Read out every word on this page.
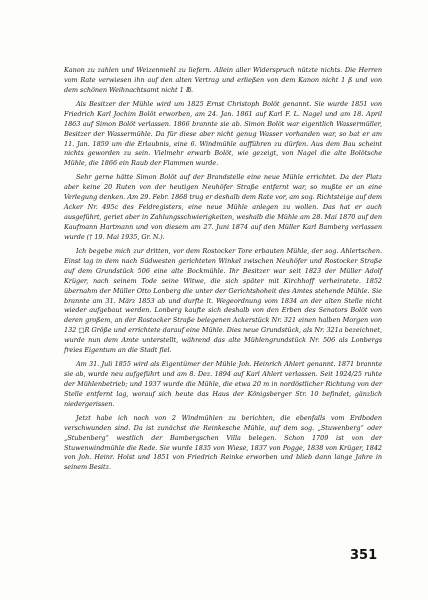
Kanon zu zahlen und Weizenmehl zu liefern. Allein aller Widerspruch nützte nichts. Die Herren vom Rate verwiesen ihn auf den alten Vertrag und erließen von dem Kanon nicht 1 ß und von dem schönen Weihnachtsamt nicht 1 ℔.

Als Besitzer der Mühle wird um 1825 Ernst Christoph Bolöt genannt. Sie wurde 1851 von Friedrich Karl Jochim Bolöt erworben, am 24. Jan. 1861 auf Karl F. L. Nagel und am 18. April 1863 auf Simon Bolöt verlassen. 1866 brannte sie ab. Simon Bolöt war eigentlich Wassermüller, Besitzer der Wassermühle. Da für diese aber nicht genug Wasser vorhanden war, so bat er am 11. Jan. 1859 um die Erlaubnis, eine 6. Windmühle aufführen zu dürfen. Aus dem Bau scheint nichts geworden zu sein. Vielmehr erwarb Bolöt, wie gezeigt, von Nagel die alte Bolötsche Mühle, die 1866 ein Raub der Flammen wurde.

Sehr gerne hätte Simon Bolöt auf der Brandstelle eine neue Mühle errichtet. Da der Platz aber keine 20 Ruten von der heutigen Neuhöfer Straße entfernt war, so mußte er an eine Verlegung denken. Am 29. Febr. 1868 trug er deshalb dem Rate vor, am sog. Richtsteige auf dem Acker Nr. 495c des Feldregisters, eine neue Mühle anlegen zu wollen. Das hat er auch ausgeführt, geriet aber in Zahlungsschwierigkeiten, weshalb die Mühle am 28. Mai 1870 auf den Kaufmann Hartmann und von diesem am 27. Juni 1874 auf den Müller Karl Bamberg verlassen wurde († 19. Mai 1935, Gr. N.).

Ich begebe mich zur dritten, vor dem Rostocker Tore erbauten Mühle, der sog. Ahlertschen. Einst lag in dem nach Südwesten gerichteten Winkel zwischen Neuhöfer und Rostocker Straße auf dem Grundstück 506 eine alte Bockmühle. Ihr Besitzer war seit 1823 der Müller Adolf Krüger, nach seinem Tode seine Witwe, die sich später mit Kirchhoff verheiratete. 1852 übernahm der Müller Otto Lonberg die unter der Gerichtshoheit des Amtes stehende Mühle. Sie brannte am 31. März 1853 ab und durfte lt. Wegeordnung vom 1834 an der alten Stelle nicht wieder aufgebaut werden. Lonberg kaufte sich deshalb von den Erben des Senators Bolöt von deren großem, an der Rostocker Straße belegenen Ackerstück Nr. 321 einen halben Morgen von 132 □R Größe und errichtete darauf eine Mühle. Dies neue Grundstück, als Nr. 321a bezeichnet, wurde nun dem Amte unterstellt, während das alte Mühlengrundstück Nr. 506 als Lonbergs freies Eigentum an die Stadt fiel.

Am 31. Juli 1855 wird als Eigentümer der Mühle Joh. Heinrich Ahlert genannt. 1871 brannte sie ab, wurde neu aufgeführt und am 8. Dez. 1894 auf Karl Ahlert verlassen. Seit 1924/25 ruhte der Mühlenbetrieb; und 1937 wurde die Mühle, die etwa 20 m in nordöstlicher Richtung von der Stelle entfernt lag, worauf sich heute das Haus der Königsberger Str. 10 befindet, gänzlich niedergerissen.

Jetzt habe ich noch von 2 Windmühlen zu berichten, die ebenfalls vom Erdboden verschwunden sind. Da ist zunächst die Reinkesche Mühle, auf dem sog. „Stuwenberg“ oder „Stubenberg“ westlich der Bambergschen Villa belegen. Schon 1709 ist von der Stuwenwindmühle die Rede. Sie wurde 1835 von Wiese, 1837 von Pogge, 1838 von Krüger, 1842 von Joh. Heinr. Holst und 1851 von Friedrich Reinke erworben und blieb dann lange Jahre in seinem Besitz.

351
